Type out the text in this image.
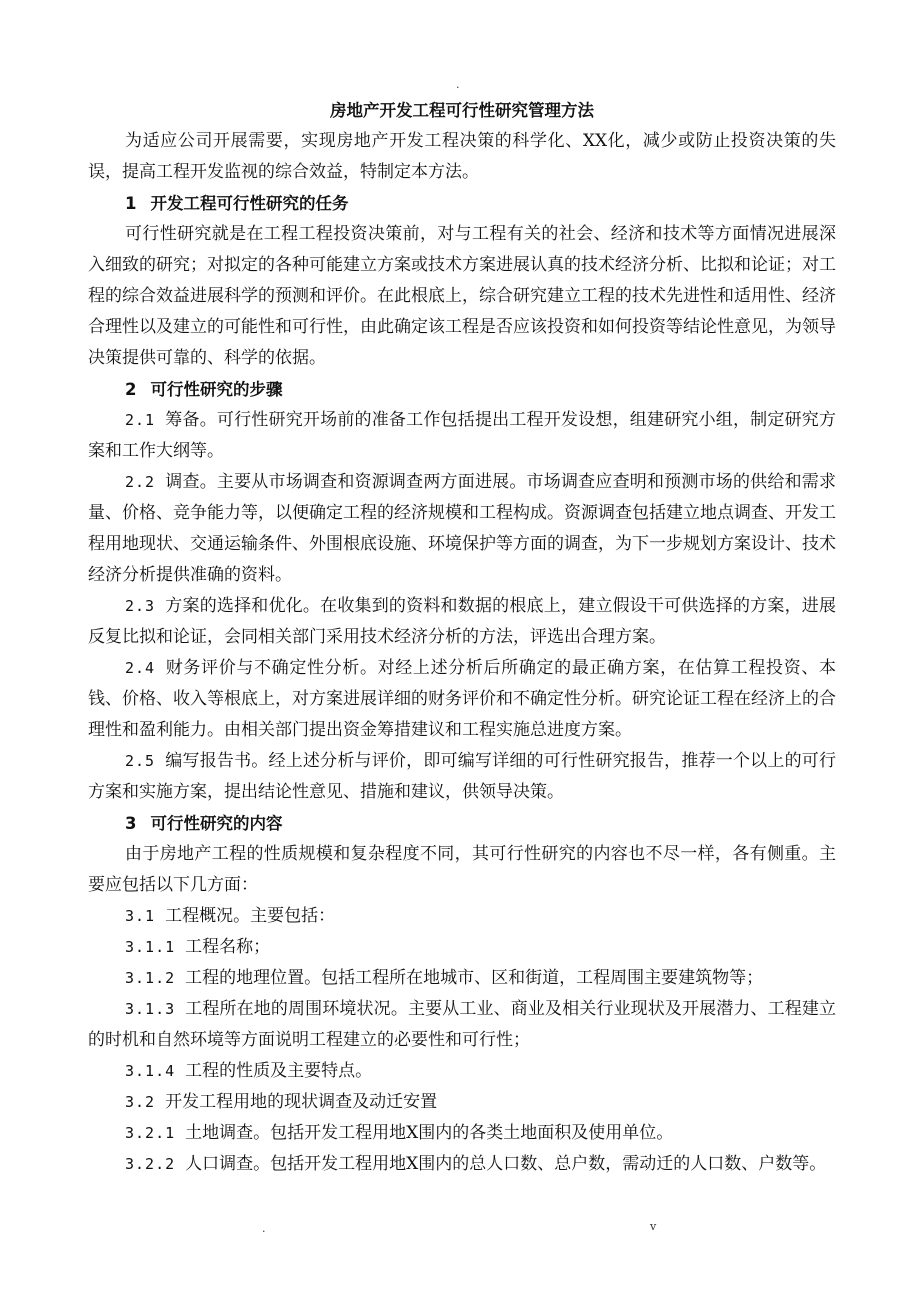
.

房地产开发工程可行性研究管理方法

为适应公司开展需要，实现房地产开发工程决策的科学化、XX化，减少或防止投资决策的失误，提高工程开发监视的综合效益，特制定本方法。

1 开发工程可行性研究的任务

可行性研究就是在工程工程投资决策前，对与工程有关的社会、经济和技术等方面情况进展深入细致的研究；对拟定的各种可能建立方案或技术方案进展认真的技术经济分析、比拟和论证；对工程的综合效益进展科学的预测和评价。在此根底上，综合研究建立工程的技术先进性和适用性、经济合理性以及建立的可能性和可行性，由此确定该工程是否应该投资和如何投资等结论性意见，为领导决策提供可靠的、科学的依据。

2 可行性研究的步骤

2.1 筹备。可行性研究开场前的准备工作包括提出工程开发设想，组建研究小组，制定研究方案和工作大纲等。

2.2 调查。主要从市场调查和资源调查两方面进展。市场调查应查明和预测市场的供给和需求量、价格、竞争能力等，以便确定工程的经济规模和工程构成。资源调查包括建立地点调查、开发工程用地现状、交通运输条件、外围根底设施、环境保护等方面的调查，为下一步规划方案设计、技术经济分析提供准确的资料。

2.3 方案的选择和优化。在收集到的资料和数据的根底上，建立假设干可供选择的方案，进展反复比拟和论证，会同相关部门采用技术经济分析的方法，评选出合理方案。

2.4 财务评价与不确定性分析。对经上述分析后所确定的最正确方案，在估算工程投资、本钱、价格、收入等根底上，对方案进展详细的财务评价和不确定性分析。研究论证工程在经济上的合理性和盈利能力。由相关部门提出资金筹措建议和工程实施总进度方案。

2.5 编写报告书。经上述分析与评价，即可编写详细的可行性研究报告，推荐一个以上的可行方案和实施方案，提出结论性意见、措施和建议，供领导决策。

3 可行性研究的内容

由于房地产工程的性质规模和复杂程度不同，其可行性研究的内容也不尽一样，各有侧重。主要应包括以下几方面：

3.1 工程概况。主要包括：

3.1.1 工程名称；

3.1.2 工程的地理位置。包括工程所在地城市、区和街道，工程周围主要建筑物等；

3.1.3 工程所在地的周围环境状况。主要从工业、商业及相关行业现状及开展潜力、工程建立的时机和自然环境等方面说明工程建立的必要性和可行性；

3.1.4 工程的性质及主要特点。

3.2 开发工程用地的现状调查及动迁安置

3.2.1 土地调查。包括开发工程用地X围内的各类土地面积及使用单位。

3.2.2 人口调查。包括开发工程用地X围内的总人口数、总户数，需动迁的人口数、户数等。

.	v
